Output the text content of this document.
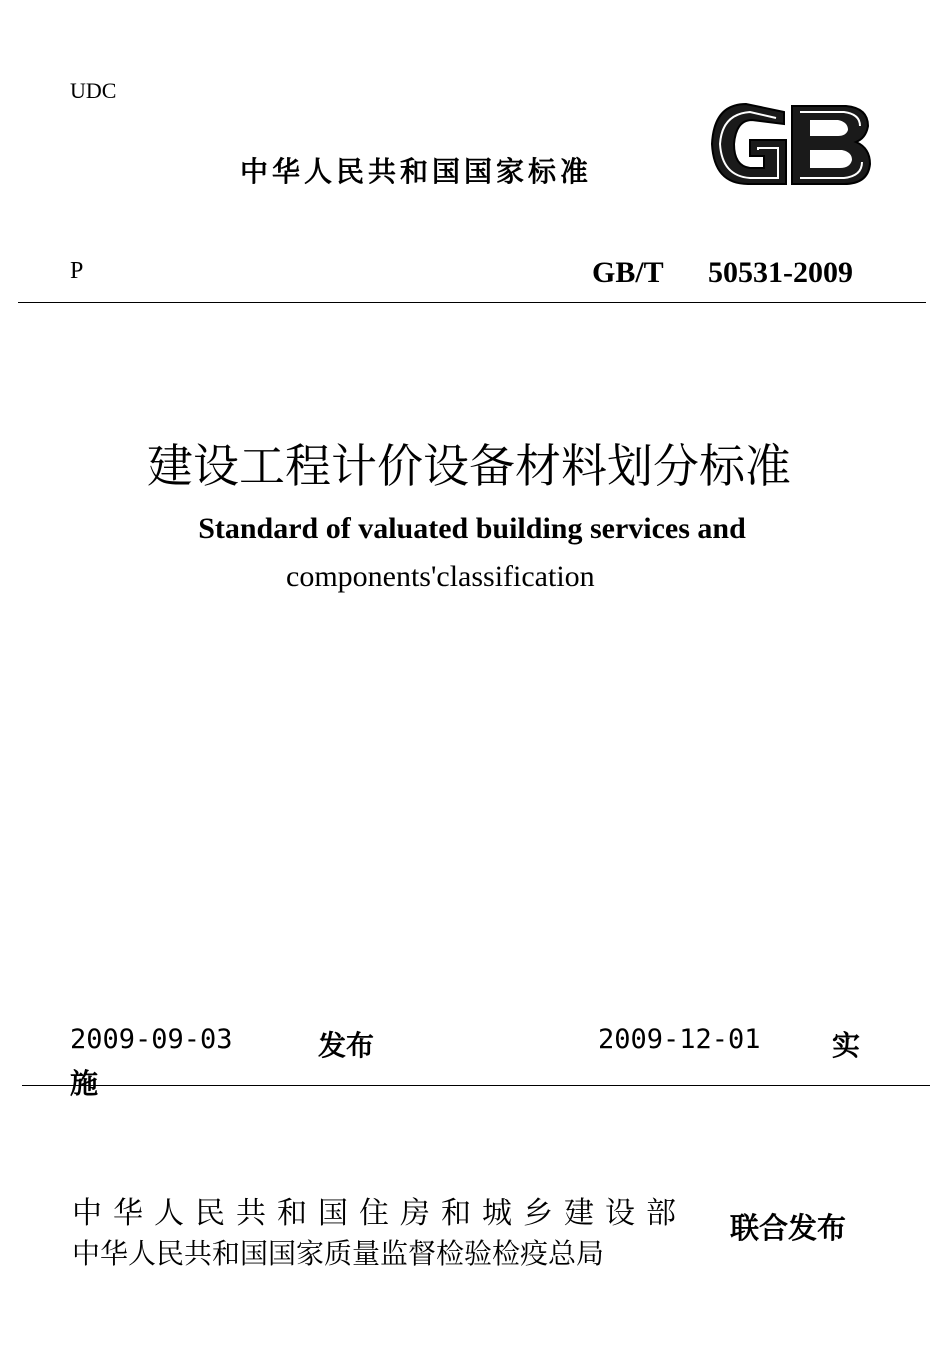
UDC
中华人民共和国国家标准
P	GB/T 50531-2009
建设工程计价设备材料划分标准
Standard of valuated building services and
components'classification
2009-09-03	发布	2009-12-01	实
施
中华人民共和国住房和城乡建设部
中华人民共和国国家质量监督检验检疫总局
联合发布
